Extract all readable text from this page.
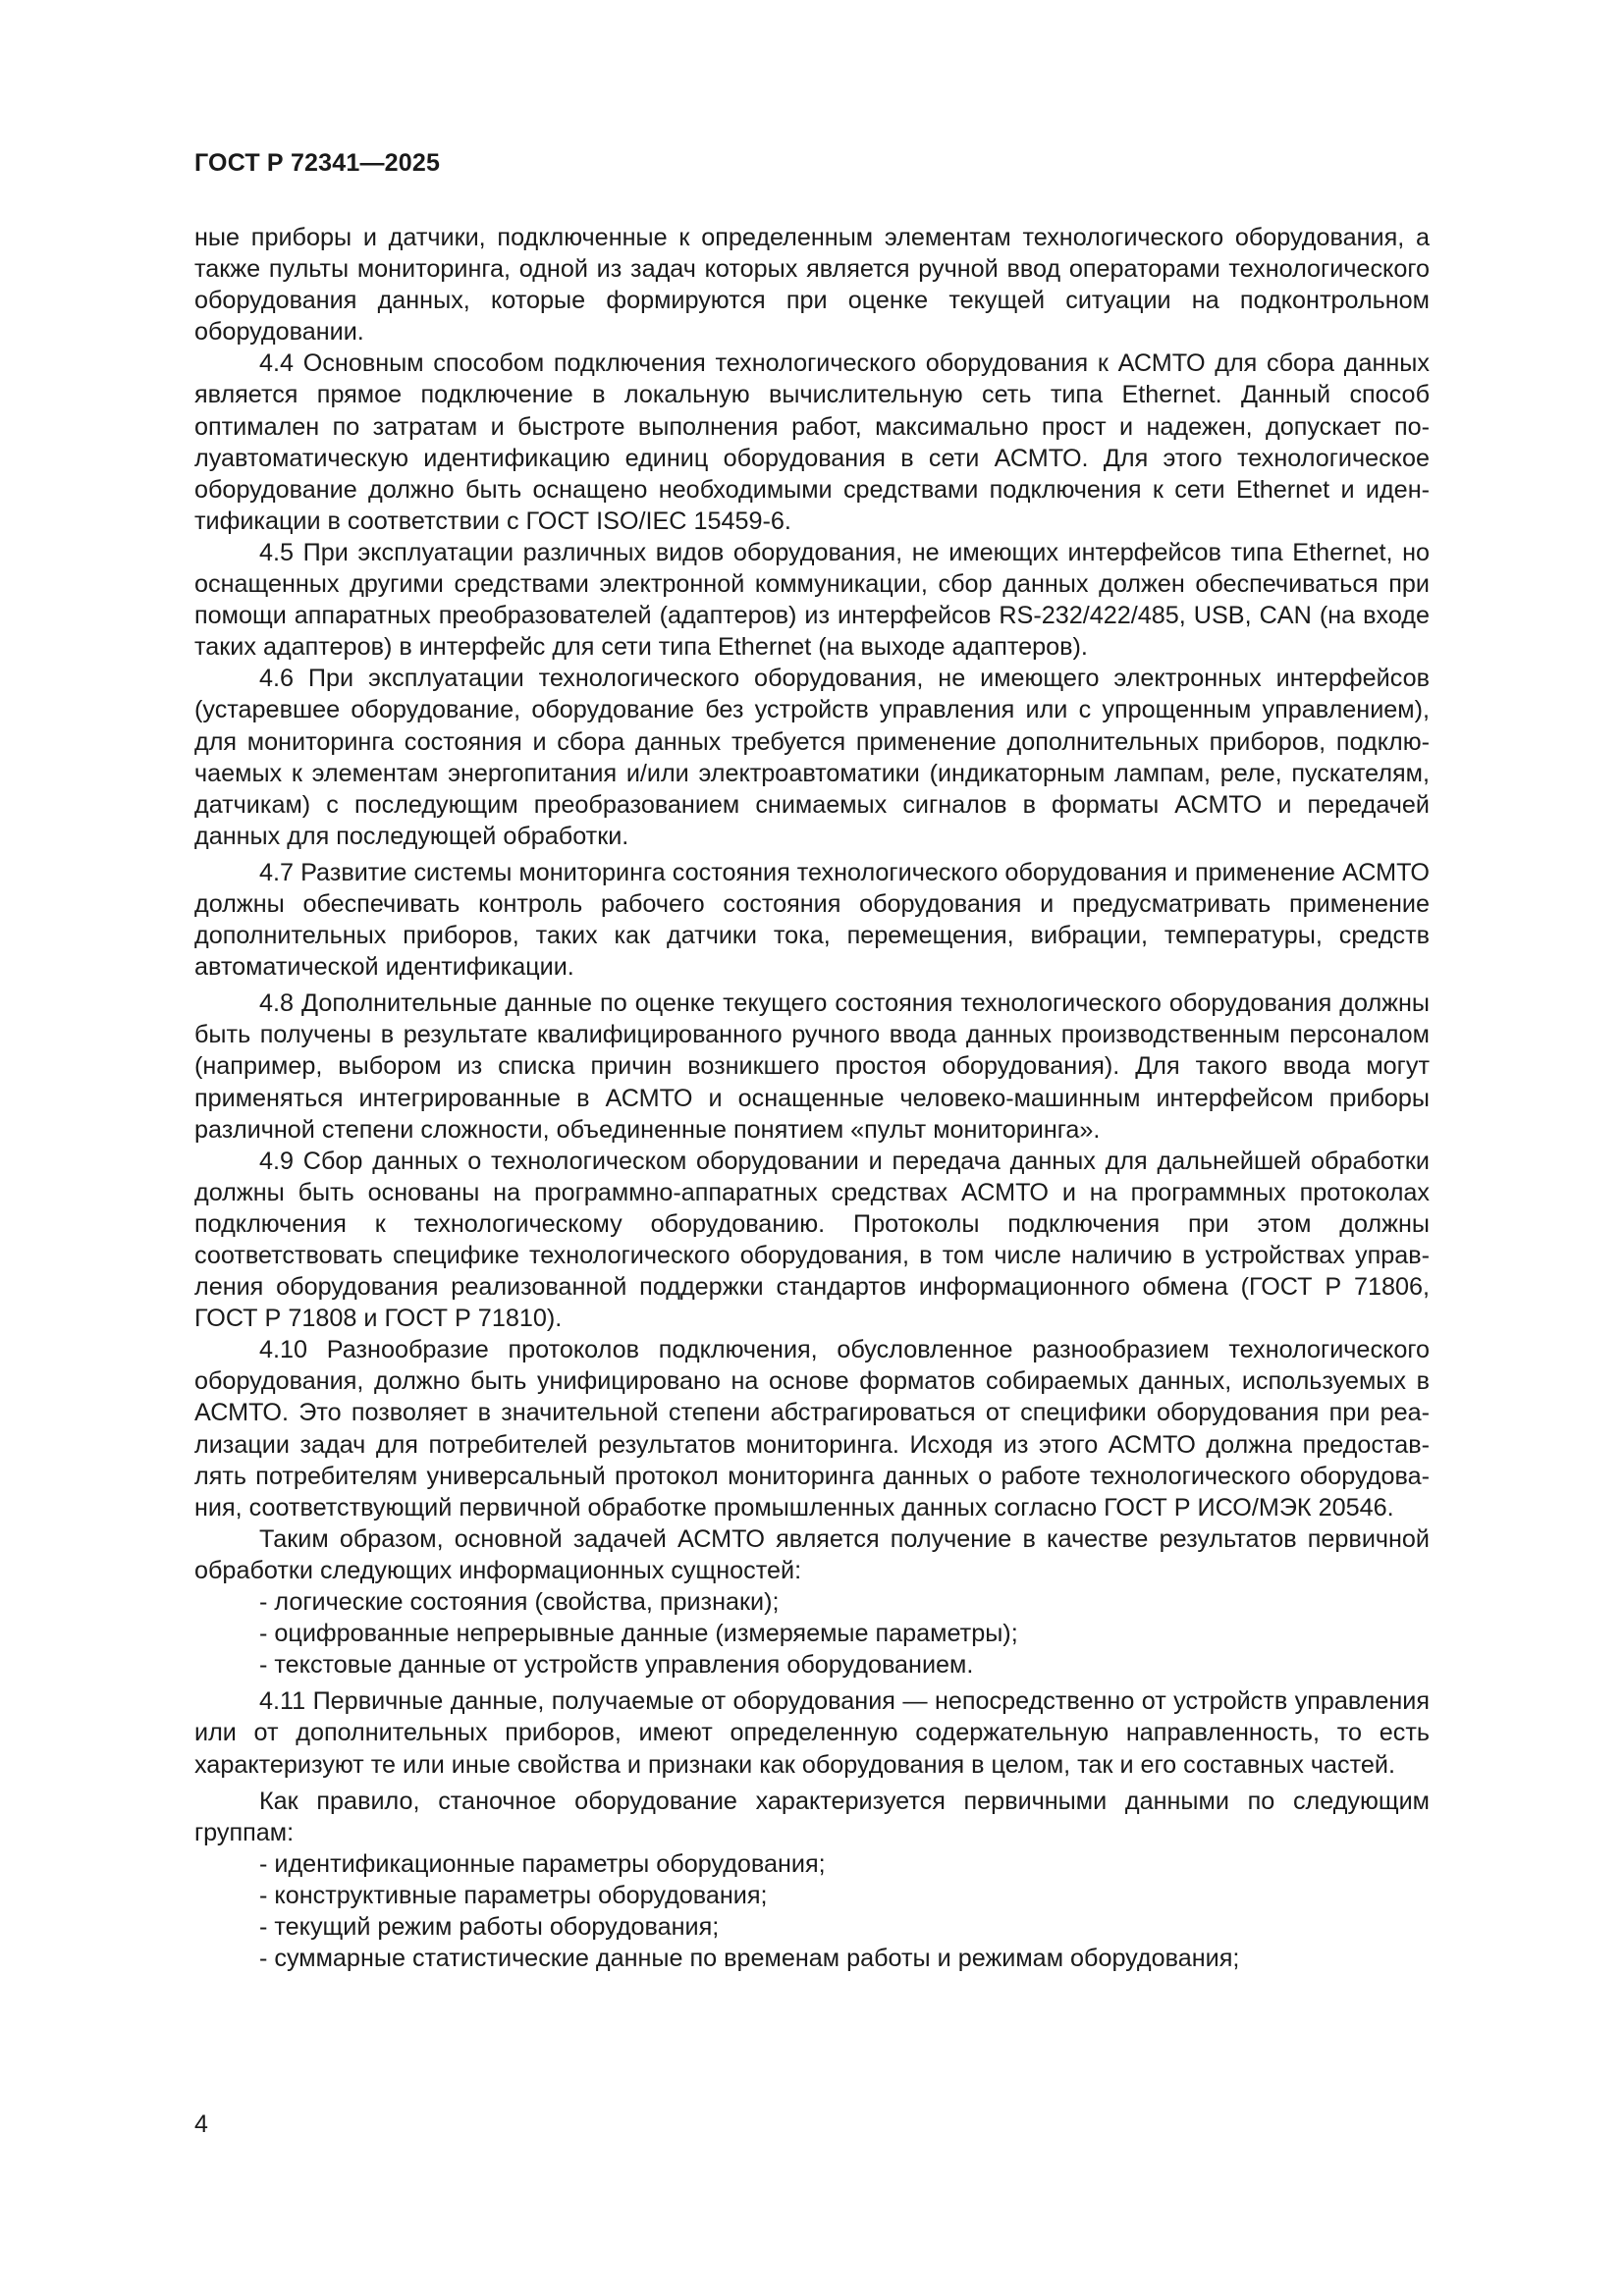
ГОСТ Р 72341—2025

ные приборы и датчики, подключенные к определенным элементам технологического оборудования, а также пульты мониторинга, одной из задач которых является ручной ввод операторами технологического оборудования данных, которые формируются при оценке текущей ситуации на подконтрольном оборудовании.

4.4 Основным способом подключения технологического оборудования к АСМТО для сбора данных является прямое подключение в локальную вычислительную сеть типа Ethernet. Данный способ оптимален по затратам и быстроте выполнения работ, максимально прост и надежен, допускает полуавтоматическую идентификацию единиц оборудования в сети АСМТО. Для этого технологическое оборудование должно быть оснащено необходимыми средствами подключения к сети Ethernet и идентификации в соответствии с ГОСТ ISO/IEC 15459-6.

4.5 При эксплуатации различных видов оборудования, не имеющих интерфейсов типа Ethernet, но оснащенных другими средствами электронной коммуникации, сбор данных должен обеспечиваться при помощи аппаратных преобразователей (адаптеров) из интерфейсов RS-232/422/485, USB, CAN (на входе таких адаптеров) в интерфейс для сети типа Ethernet (на выходе адаптеров).

4.6 При эксплуатации технологического оборудования, не имеющего электронных интерфейсов (устаревшее оборудование, оборудование без устройств управления или с упрощенным управлением), для мониторинга состояния и сбора данных требуется применение дополнительных приборов, подключаемых к элементам энергопитания и/или электроавтоматики (индикаторным лампам, реле, пускателям, датчикам) с последующим преобразованием снимаемых сигналов в форматы АСМТО и передачей данных для последующей обработки.

4.7 Развитие системы мониторинга состояния технологического оборудования и применение АСМТО должны обеспечивать контроль рабочего состояния оборудования и предусматривать применение дополнительных приборов, таких как датчики тока, перемещения, вибрации, температуры, средств автоматической идентификации.

4.8 Дополнительные данные по оценке текущего состояния технологического оборудования должны быть получены в результате квалифицированного ручного ввода данных производственным персоналом (например, выбором из списка причин возникшего простоя оборудования). Для такого ввода могут применяться интегрированные в АСМТО и оснащенные человеко-машинным интерфейсом приборы различной степени сложности, объединенные понятием «пульт мониторинга».

4.9 Сбор данных о технологическом оборудовании и передача данных для дальнейшей обработки должны быть основаны на программно-аппаратных средствах АСМТО и на программных протоколах подключения к технологическому оборудованию. Протоколы подключения при этом должны соответствовать специфике технологического оборудования, в том числе наличию в устройствах управления оборудования реализованной поддержки стандартов информационного обмена (ГОСТ Р 71806, ГОСТ Р 71808 и ГОСТ Р 71810).

4.10 Разнообразие протоколов подключения, обусловленное разнообразием технологического оборудования, должно быть унифицировано на основе форматов собираемых данных, используемых в АСМТО. Это позволяет в значительной степени абстрагироваться от специфики оборудования при реализации задач для потребителей результатов мониторинга. Исходя из этого АСМТО должна предоставлять потребителям универсальный протокол мониторинга данных о работе технологического оборудования, соответствующий первичной обработке промышленных данных согласно ГОСТ Р ИСО/МЭК 20546.

Таким образом, основной задачей АСМТО является получение в качестве результатов первичной обработки следующих информационных сущностей:

- логические состояния (свойства, признаки);

- оцифрованные непрерывные данные (измеряемые параметры);

- текстовые данные от устройств управления оборудованием.

4.11 Первичные данные, получаемые от оборудования — непосредственно от устройств управления или от дополнительных приборов, имеют определенную содержательную направленность, то есть характеризуют те или иные свойства и признаки как оборудования в целом, так и его составных частей.

Как правило, станочное оборудование характеризуется первичными данными по следующим группам:

- идентификационные параметры оборудования;

- конструктивные параметры оборудования;

- текущий режим работы оборудования;

- суммарные статистические данные по временам работы и режимам оборудования;

4
